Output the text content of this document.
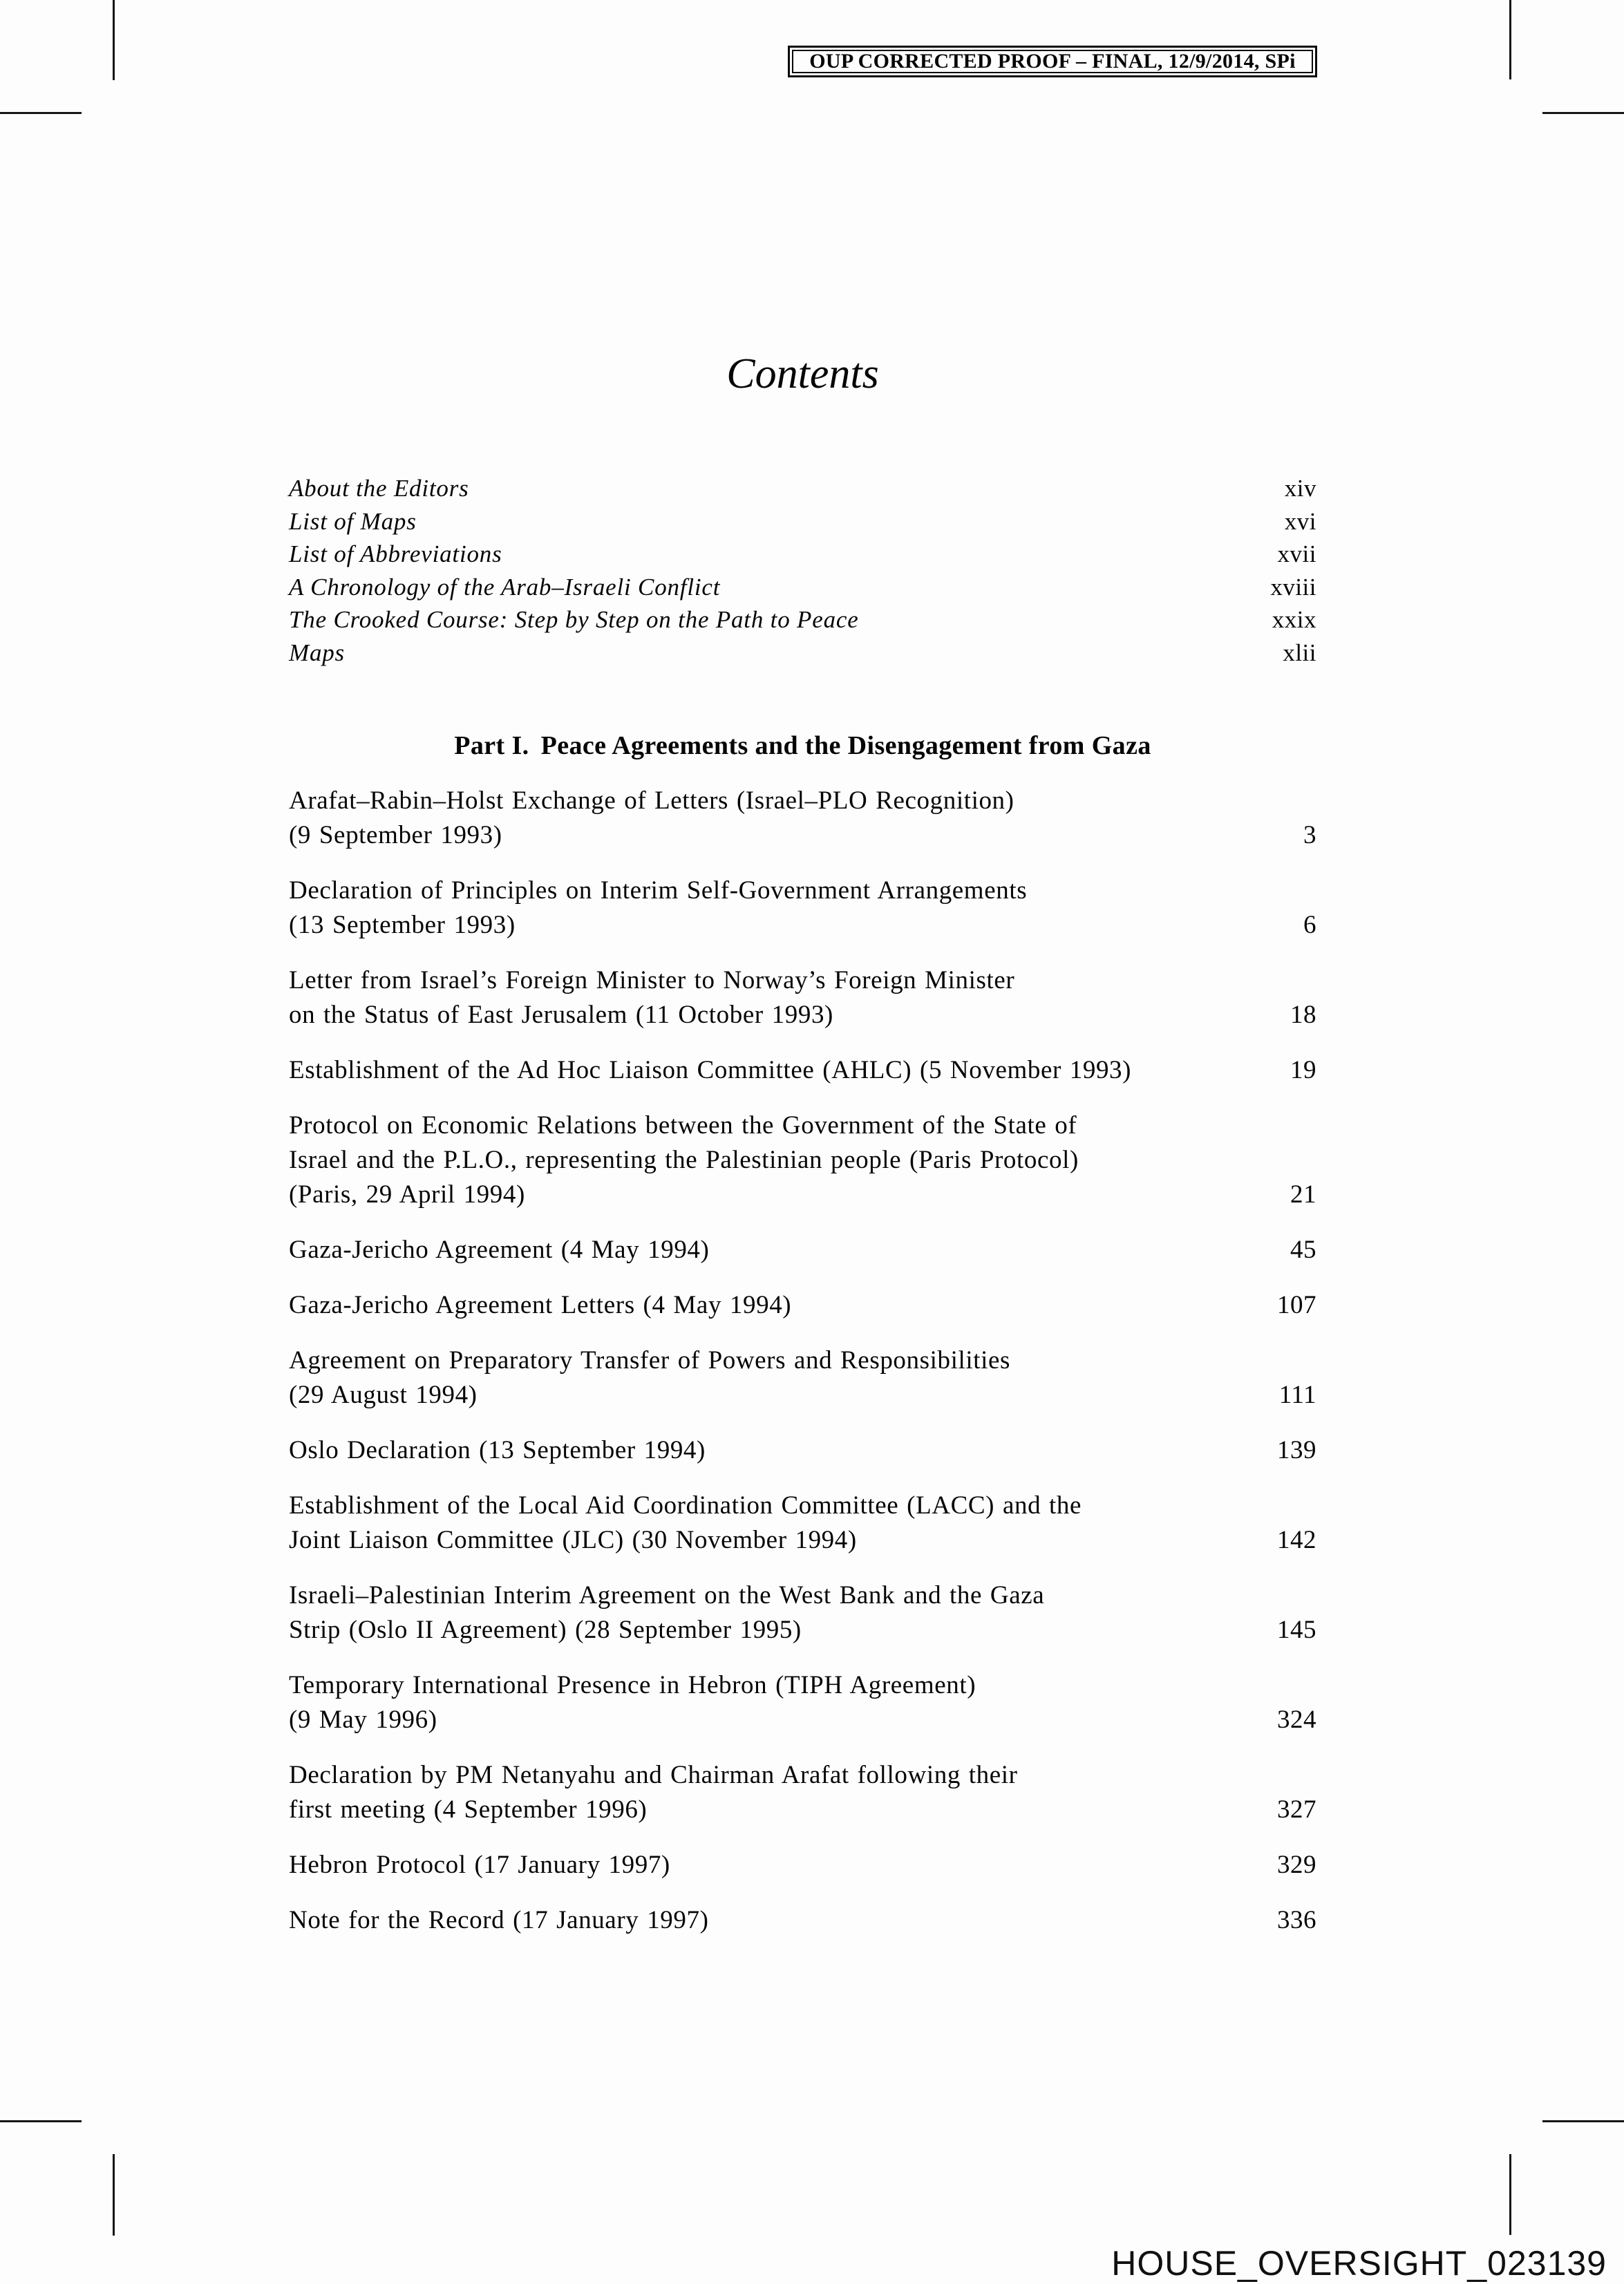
OUP CORRECTED PROOF – FINAL, 12/9/2014, SPi
Contents
About the Editors	xiv
List of Maps	xvi
List of Abbreviations	xvii
A Chronology of the Arab–Israeli Conflict	xviii
The Crooked Course: Step by Step on the Path to Peace	xxix
Maps	xlii
Part I. Peace Agreements and the Disengagement from Gaza
Arafat–Rabin–Holst Exchange of Letters (Israel–PLO Recognition)
(9 September 1993)	3
Declaration of Principles on Interim Self-Government Arrangements
(13 September 1993)	6
Letter from Israel’s Foreign Minister to Norway’s Foreign Minister
on the Status of East Jerusalem (11 October 1993)	18
Establishment of the Ad Hoc Liaison Committee (AHLC) (5 November 1993)	19
Protocol on Economic Relations between the Government of the State of
Israel and the P.L.O., representing the Palestinian people (Paris Protocol)
(Paris, 29 April 1994)	21
Gaza-Jericho Agreement (4 May 1994)	45
Gaza-Jericho Agreement Letters (4 May 1994)	107
Agreement on Preparatory Transfer of Powers and Responsibilities
(29 August 1994)	111
Oslo Declaration (13 September 1994)	139
Establishment of the Local Aid Coordination Committee (LACC) and the
Joint Liaison Committee (JLC) (30 November 1994)	142
Israeli–Palestinian Interim Agreement on the West Bank and the Gaza
Strip (Oslo II Agreement) (28 September 1995)	145
Temporary International Presence in Hebron (TIPH Agreement)
(9 May 1996)	324
Declaration by PM Netanyahu and Chairman Arafat following their
first meeting (4 September 1996)	327
Hebron Protocol (17 January 1997)	329
Note for the Record (17 January 1997)	336
HOUSE_OVERSIGHT_023139
